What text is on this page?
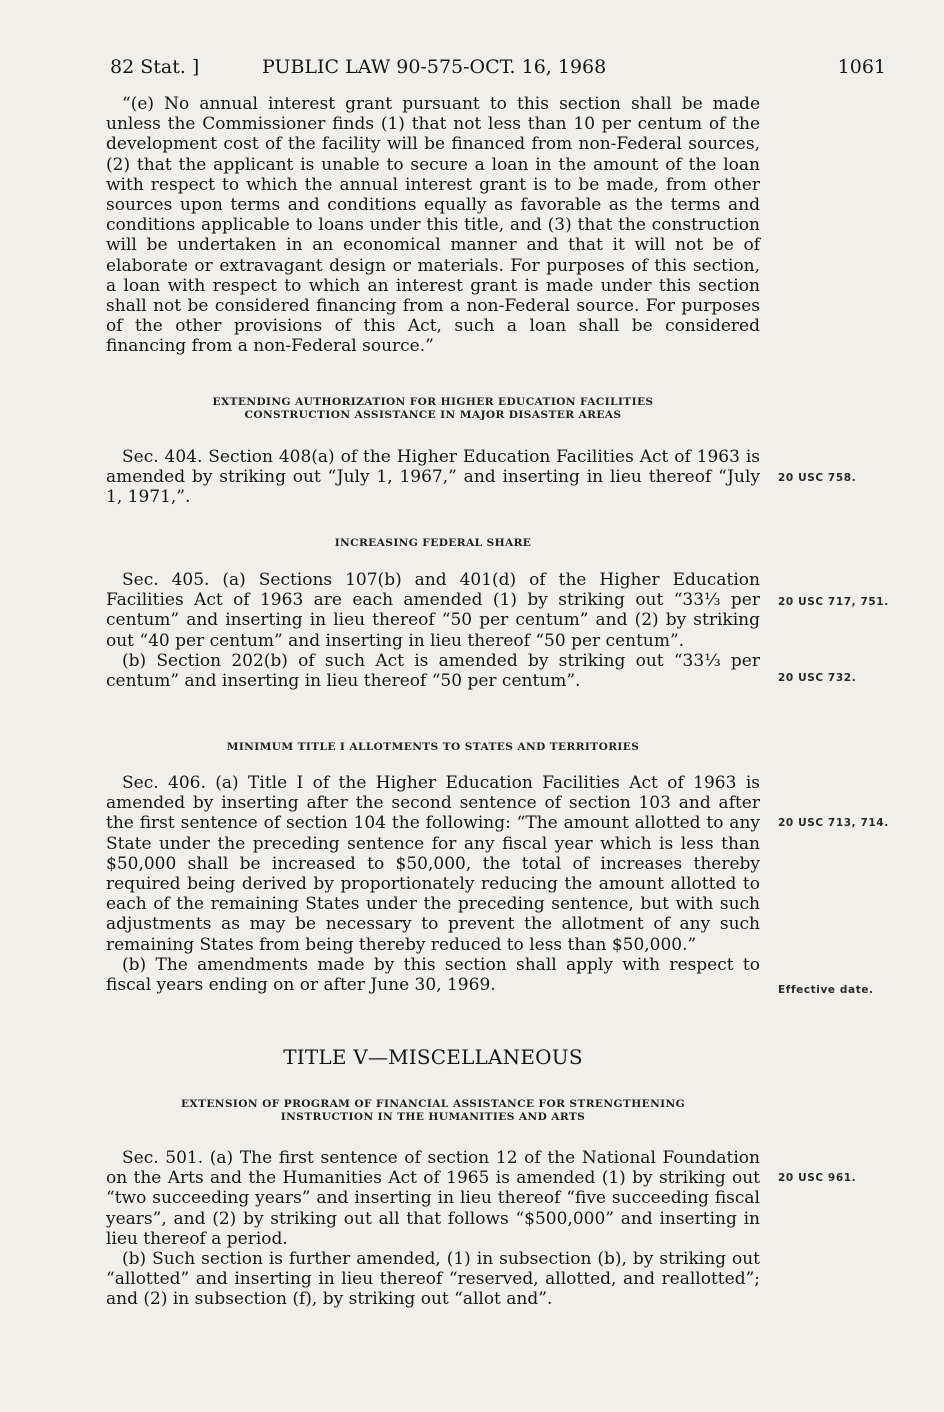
82 Stat. ]	PUBLIC LAW 90-575-OCT. 16, 1968	1061

“(e) No annual interest grant pursuant to this section shall be made unless the Commissioner finds (1) that not less than 10 per centum of the development cost of the facility will be financed from non-Federal sources, (2) that the applicant is unable to secure a loan in the amount of the loan with respect to which the annual interest grant is to be made, from other sources upon terms and conditions equally as favorable as the terms and conditions applicable to loans under this title, and (3) that the construction will be undertaken in an economical manner and that it will not be of elaborate or extravagant design or materials. For purposes of this section, a loan with respect to which an interest grant is made under this section shall not be considered financing from a non-Federal source. For purposes of the other provisions of this Act, such a loan shall be considered financing from a non-Federal source.”

EXTENDING AUTHORIZATION FOR HIGHER EDUCATION FACILITIES
CONSTRUCTION ASSISTANCE IN MAJOR DISASTER AREAS

Sec. 404. Section 408(a) of the Higher Education Facilities Act of 1963 is amended by striking out “July 1, 1967,” and inserting in lieu thereof “July 1, 1971,”.

20 USC 758.
INCREASING FEDERAL SHARE

Sec. 405. (a) Sections 107(b) and 401(d) of the Higher Education Facilities Act of 1963 are each amended (1) by striking out “33⅓ per centum” and inserting in lieu thereof “50 per centum” and (2) by striking out “40 per centum” and inserting in lieu thereof “50 per centum”.

(b) Section 202(b) of such Act is amended by striking out “33⅓ per centum” and inserting in lieu thereof “50 per centum”.

20 USC 717, 751.
20 USC 732.
MINIMUM TITLE I ALLOTMENTS TO STATES AND TERRITORIES

Sec. 406. (a) Title I of the Higher Education Facilities Act of 1963 is amended by inserting after the second sentence of section 103 and after the first sentence of section 104 the following: “The amount allotted to any State under the preceding sentence for any fiscal year which is less than $50,000 shall be increased to $50,000, the total of increases thereby required being derived by proportionately reducing the amount allotted to each of the remaining States under the preceding sentence, but with such adjustments as may be necessary to prevent the allotment of any such remaining States from being thereby reduced to less than $50,000.”

(b) The amendments made by this section shall apply with respect to fiscal years ending on or after June 30, 1969.

20 USC 713, 714.
Effective date.
TITLE V—MISCELLANEOUS
EXTENSION OF PROGRAM OF FINANCIAL ASSISTANCE FOR STRENGTHENING
INSTRUCTION IN THE HUMANITIES AND ARTS

Sec. 501. (a) The first sentence of section 12 of the National Foundation on the Arts and the Humanities Act of 1965 is amended (1) by striking out “two succeeding years” and inserting in lieu thereof “five succeeding fiscal years”, and (2) by striking out all that follows “$500,000” and inserting in lieu thereof a period.

(b) Such section is further amended, (1) in subsection (b), by striking out “allotted” and inserting in lieu thereof “reserved, allotted, and reallotted”; and (2) in subsection (f), by striking out “allot and”.

20 USC 961.
